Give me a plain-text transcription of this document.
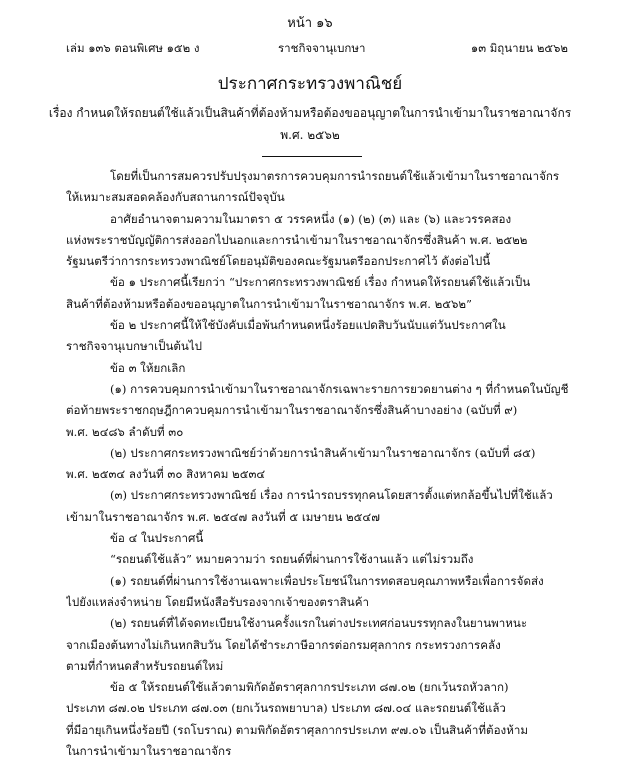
หน้า ๑๖
เล่ม ๑๓๖ ตอนพิเศษ ๑๕๒ ง	ราชกิจจานุเบกษา	๑๓ มิถุนายน ๒๕๖๒
ประกาศกระทรวงพาณิชย์
เรื่อง กำหนดให้รถยนต์ใช้แล้วเป็นสินค้าที่ต้องห้ามหรือต้องขออนุญาตในการนำเข้ามาในราชอาณาจักร
พ.ศ. ๒๕๖๒

โดยที่เป็นการสมควรปรับปรุงมาตรการควบคุมการนำรถยนต์ใช้แล้วเข้ามาในราชอาณาจักร

ให้เหมาะสมสอดคล้องกับสถานการณ์ปัจจุบัน

อาศัยอำนาจตามความในมาตรา ๕ วรรคหนึ่ง (๑) (๒) (๓) และ (๖) และวรรคสอง

แห่งพระราชบัญญัติการส่งออกไปนอกและการนำเข้ามาในราชอาณาจักรซึ่งสินค้า พ.ศ. ๒๕๒๒

รัฐมนตรีว่าการกระทรวงพาณิชย์โดยอนุมัติของคณะรัฐมนตรีออกประกาศไว้ ดังต่อไปนี้

ข้อ ๑ ประกาศนี้เรียกว่า “ประกาศกระทรวงพาณิชย์ เรื่อง กำหนดให้รถยนต์ใช้แล้วเป็น

สินค้าที่ต้องห้ามหรือต้องขออนุญาตในการนำเข้ามาในราชอาณาจักร พ.ศ. ๒๕๖๒”

ข้อ ๒ ประกาศนี้ให้ใช้บังคับเมื่อพ้นกำหนดหนึ่งร้อยแปดสิบวันนับแต่วันประกาศใน

ราชกิจจานุเบกษาเป็นต้นไป

ข้อ ๓ ให้ยกเลิก

(๑) การควบคุมการนำเข้ามาในราชอาณาจักรเฉพาะรายการยวดยานต่าง ๆ ที่กำหนดในบัญชี

ต่อท้ายพระราชกฤษฎีกาควบคุมการนำเข้ามาในราชอาณาจักรซึ่งสินค้าบางอย่าง (ฉบับที่ ๙)

พ.ศ. ๒๔๘๖ ลำดับที่ ๓๐

(๒) ประกาศกระทรวงพาณิชย์ว่าด้วยการนำสินค้าเข้ามาในราชอาณาจักร (ฉบับที่ ๘๕)

พ.ศ. ๒๕๓๔ ลงวันที่ ๓๐ สิงหาคม ๒๕๓๔

(๓) ประกาศกระทรวงพาณิชย์ เรื่อง การนำรถบรรทุกคนโดยสารตั้งแต่หกล้อขึ้นไปที่ใช้แล้ว

เข้ามาในราชอาณาจักร พ.ศ. ๒๕๔๗ ลงวันที่ ๕ เมษายน ๒๕๔๗

ข้อ ๔ ในประกาศนี้

“รถยนต์ใช้แล้ว” หมายความว่า รถยนต์ที่ผ่านการใช้งานแล้ว แต่ไม่รวมถึง

(๑) รถยนต์ที่ผ่านการใช้งานเฉพาะเพื่อประโยชน์ในการทดสอบคุณภาพหรือเพื่อการจัดส่ง

ไปยังแหล่งจำหน่าย โดยมีหนังสือรับรองจากเจ้าของตราสินค้า

(๒) รถยนต์ที่ได้จดทะเบียนใช้งานครั้งแรกในต่างประเทศก่อนบรรทุกลงในยานพาหนะ

จากเมืองต้นทางไม่เกินหกสิบวัน โดยได้ชำระภาษีอากรต่อกรมศุลกากร กระทรวงการคลัง

ตามที่กำหนดสำหรับรถยนต์ใหม่

ข้อ ๕ ให้รถยนต์ใช้แล้วตามพิกัดอัตราศุลกากรประเภท ๘๗.๐๒ (ยกเว้นรถหัวลาก)

ประเภท ๘๗.๐๒ ประเภท ๘๗.๐๓ (ยกเว้นรถพยาบาล) ประเภท ๘๗.๐๔ และรถยนต์ใช้แล้ว

ที่มีอายุเกินหนึ่งร้อยปี (รถโบราณ) ตามพิกัดอัตราศุลกากรประเภท ๙๗.๐๖ เป็นสินค้าที่ต้องห้าม

ในการนำเข้ามาในราชอาณาจักร
